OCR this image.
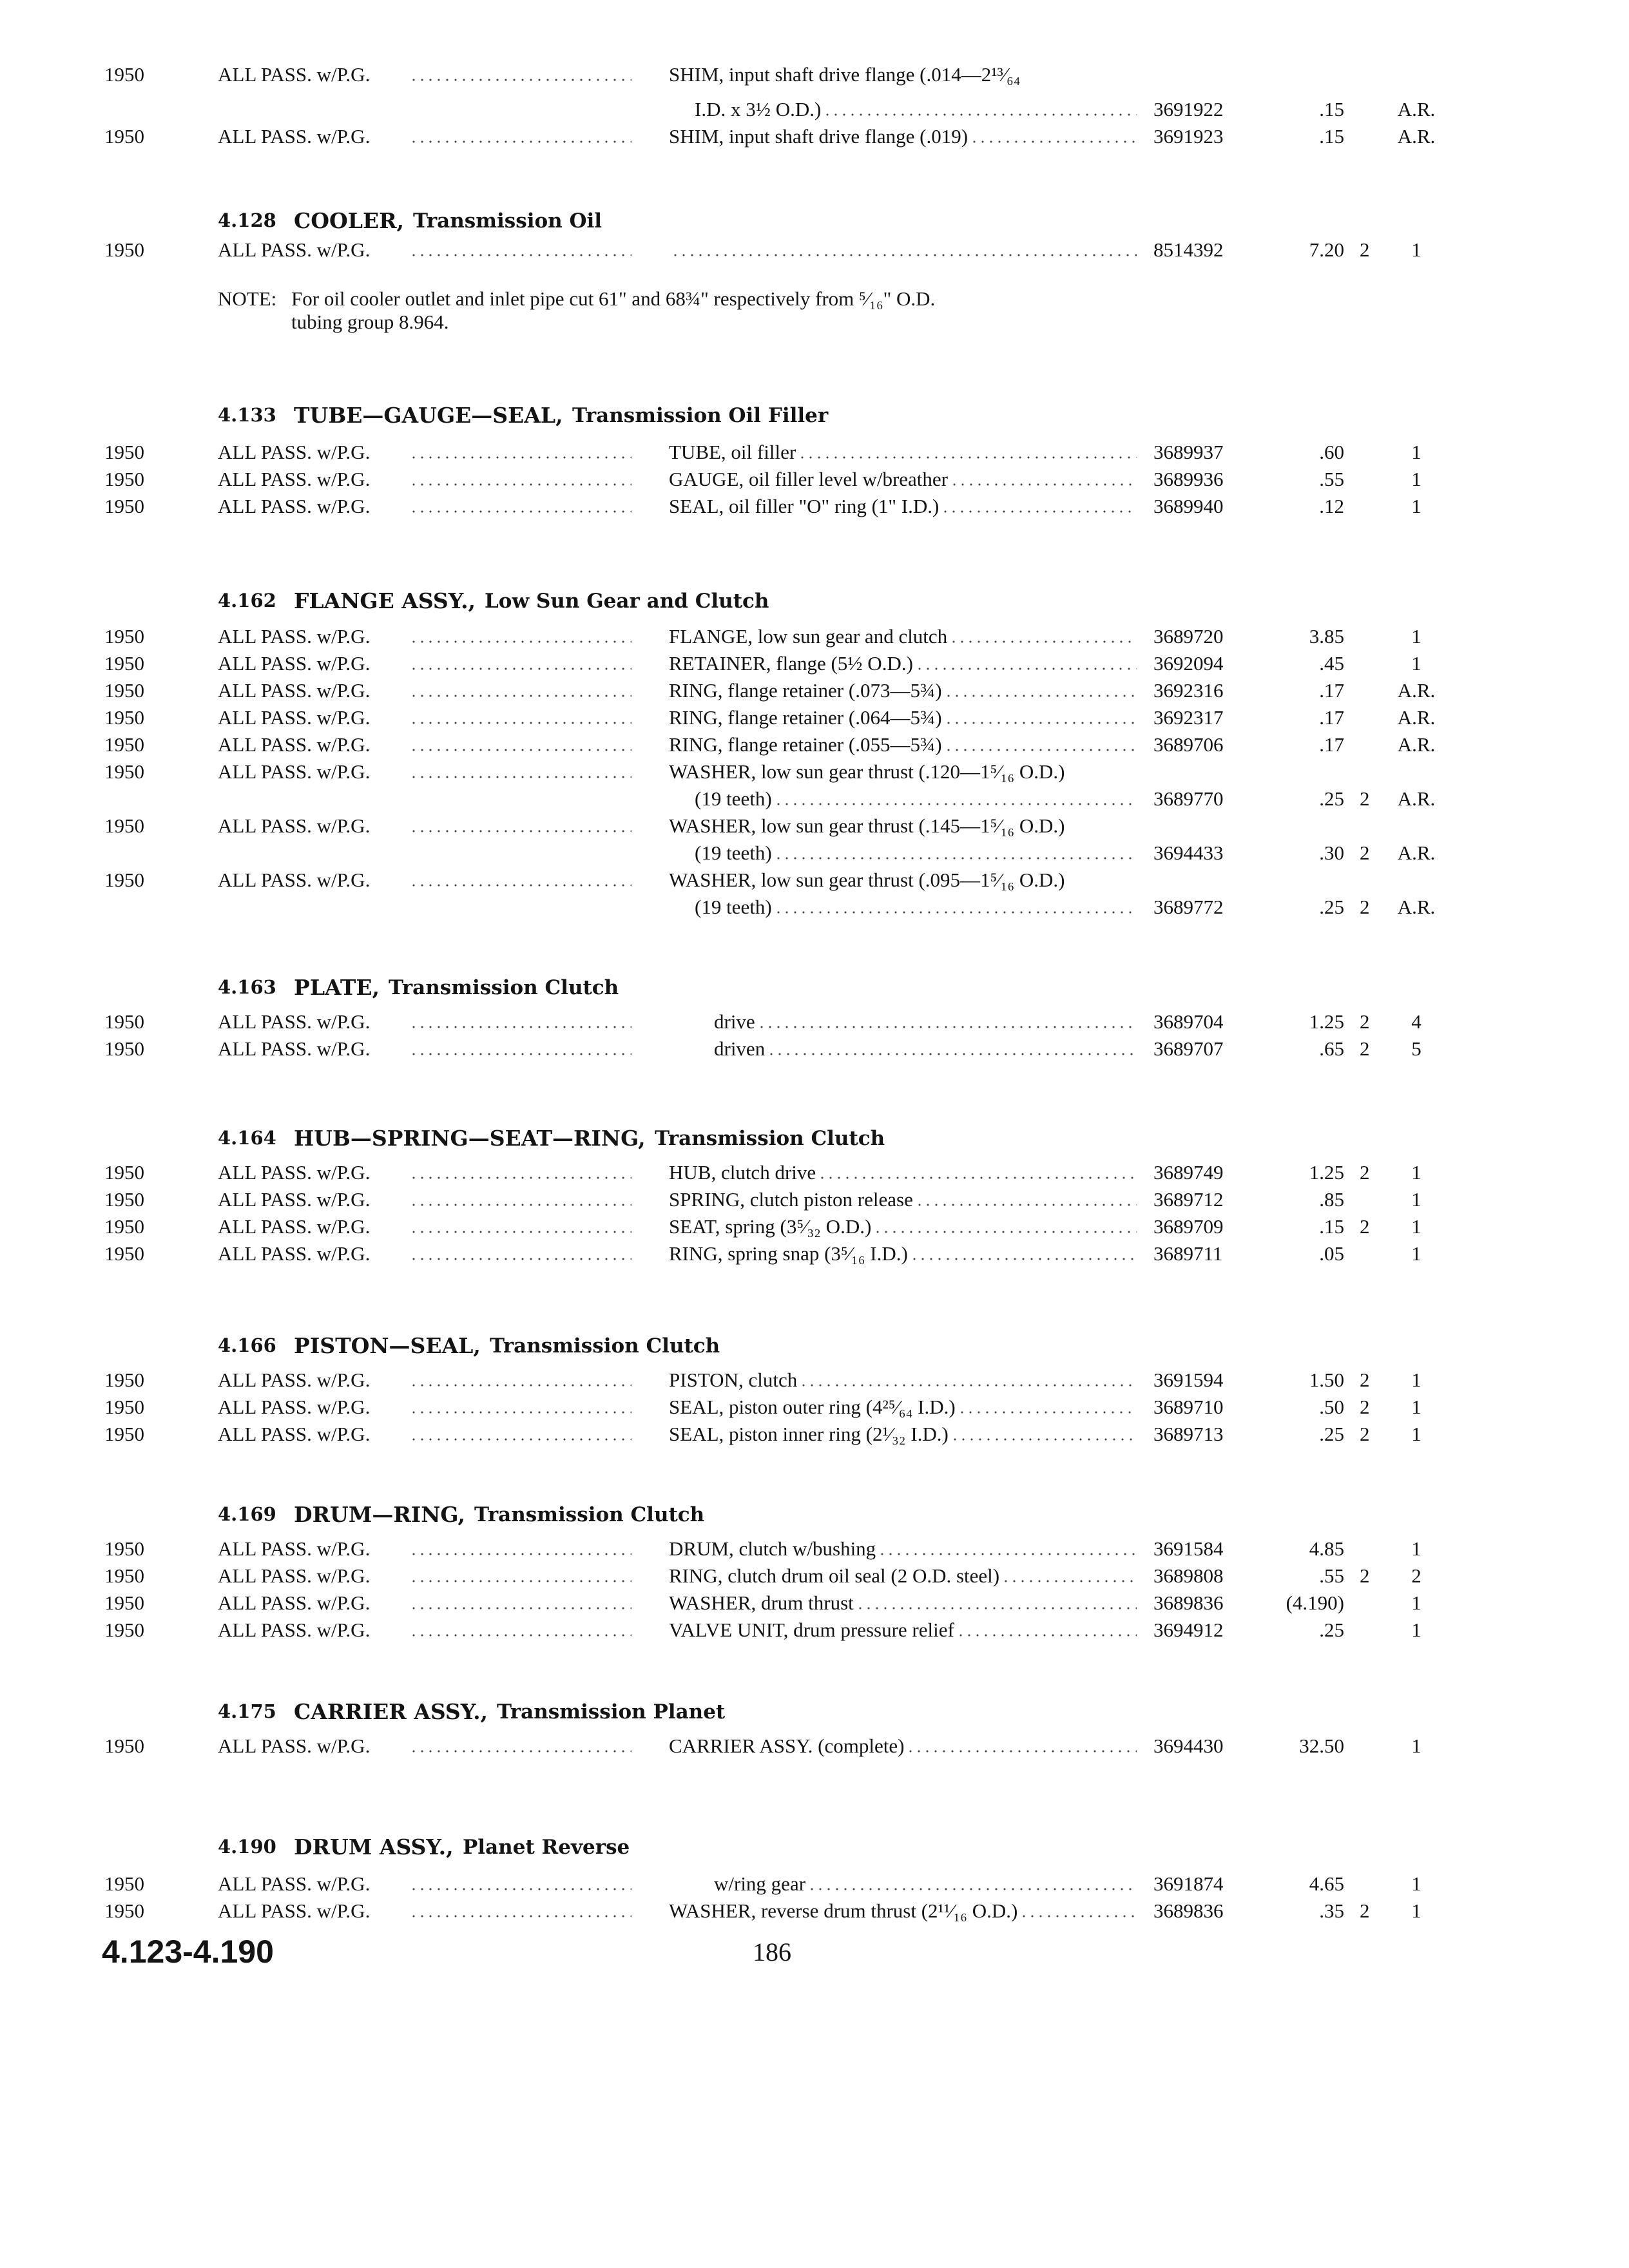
4.128 COOLER, Transmission Oil
4.133 TUBE—GAUGE—SEAL, Transmission Oil Filler
4.162 FLANGE ASSY., Low Sun Gear and Clutch
4.163 PLATE, Transmission Clutch
4.164 HUB—SPRING—SEAT—RING, Transmission Clutch
4.166 PISTON—SEAL, Transmission Clutch
4.169 DRUM—RING, Transmission Clutch
4.175 CARRIER ASSY., Transmission Planet
4.190 DRUM ASSY., Planet Reverse
1950	ALL PASS. w/P.G.	SHIM, input shaft drive flange (.014—2¹³⁄₆₄
I.D. x 3½ O.D.)	3691922	.15	A.R.
1950	ALL PASS. w/P.G.	SHIM, input shaft drive flange (.019)	3691923	.15	A.R.
1950	ALL PASS. w/P.G.	8514392	7.20 2	1
1950	ALL PASS. w/P.G.	TUBE, oil filler	3689937	.60	1
1950	ALL PASS. w/P.G.	GAUGE, oil filler level w/breather	3689936	.55	1
1950	ALL PASS. w/P.G.	SEAL, oil filler "O" ring (1" I.D.)	3689940	.12	1
1950	ALL PASS. w/P.G.	FLANGE, low sun gear and clutch	3689720	3.85	1
1950	ALL PASS. w/P.G.	RETAINER, flange (5½ O.D.)	3692094	.45	1
1950	ALL PASS. w/P.G.	RING, flange retainer (.073—5¾)	3692316	.17	A.R.
1950	ALL PASS. w/P.G.	RING, flange retainer (.064—5¾)	3692317	.17	A.R.
1950	ALL PASS. w/P.G.	RING, flange retainer (.055—5¾)	3689706	.17	A.R.
1950	ALL PASS. w/P.G.	WASHER, low sun gear thrust (.120—1⁵⁄₁₆ O.D.)
(19 teeth)	3689770	.25 2	A.R.
1950	ALL PASS. w/P.G.	WASHER, low sun gear thrust (.145—1⁵⁄₁₆ O.D.)
(19 teeth)	3694433	.30 2	A.R.
1950	ALL PASS. w/P.G.	WASHER, low sun gear thrust (.095—1⁵⁄₁₆ O.D.)
(19 teeth)	3689772	.25 2	A.R.
1950	ALL PASS. w/P.G.	drive	3689704	1.25 2	4
1950	ALL PASS. w/P.G.	driven	3689707	.65 2	5
1950	ALL PASS. w/P.G.	HUB, clutch drive	3689749	1.25 2	1
1950	ALL PASS. w/P.G.	SPRING, clutch piston release	3689712	.85	1
1950	ALL PASS. w/P.G.	SEAT, spring (3⁵⁄₃₂ O.D.)	3689709	.15 2	1
1950	ALL PASS. w/P.G.	RING, spring snap (3⁵⁄₁₆ I.D.)	3689711	.05	1
1950	ALL PASS. w/P.G.	PISTON, clutch	3691594	1.50 2	1
1950	ALL PASS. w/P.G.	SEAL, piston outer ring (4²⁵⁄₆₄ I.D.)	3689710	.50 2	1
1950	ALL PASS. w/P.G.	SEAL, piston inner ring (2¹⁄₃₂ I.D.)	3689713	.25 2	1
1950	ALL PASS. w/P.G.	DRUM, clutch w/bushing	3691584	4.85	1
1950	ALL PASS. w/P.G.	RING, clutch drum oil seal (2 O.D. steel)	3689808	.55 2	2
1950	ALL PASS. w/P.G.	WASHER, drum thrust	3689836	(4.190)	1
1950	ALL PASS. w/P.G.	VALVE UNIT, drum pressure relief	3694912	.25	1
1950	ALL PASS. w/P.G.	CARRIER ASSY. (complete)	3694430	32.50	1
1950	ALL PASS. w/P.G.	w/ring gear	3691874	4.65	1
1950	ALL PASS. w/P.G.	WASHER, reverse drum thrust (2¹¹⁄₁₆ O.D.)	3689836	.35 2	1
NOTE: For oil cooler outlet and inlet pipe cut 61" and 68¾" respectively from ⁵⁄₁₆" O.D.
tubing group 8.964.
4.123-4.190	186
